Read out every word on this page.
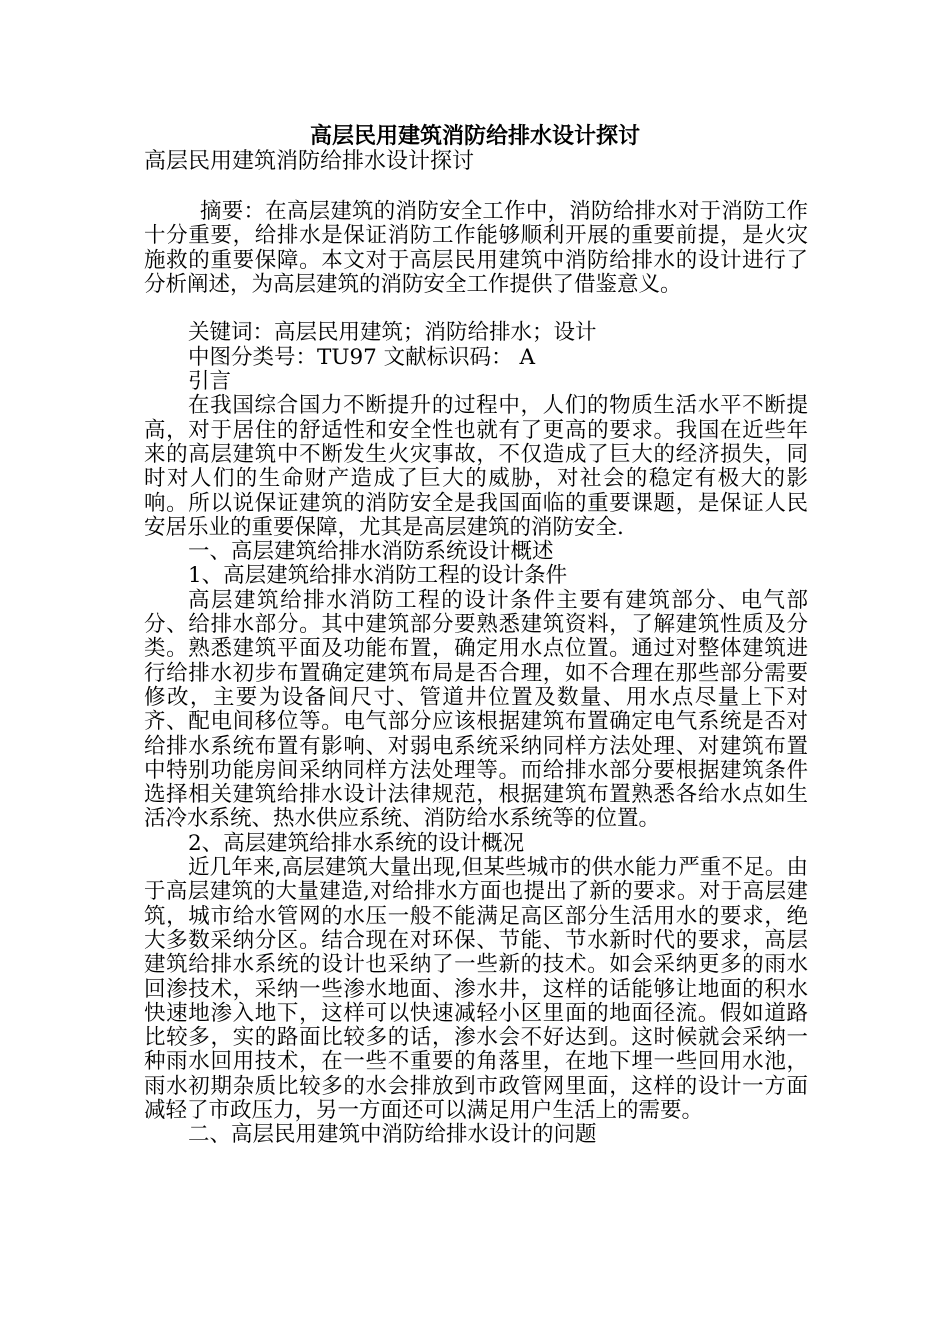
高层民用建筑消防给排水设计探讨
高层民用建筑消防给排水设计探讨

摘要：在高层建筑的消防安全工作中，消防给排水对于消防工作十分重要，给排水是保证消防工作能够顺利开展的重要前提，是火灾施救的重要保障。本文对于高层民用建筑中消防给排水的设计进行了分析阐述，为高层建筑的消防安全工作提供了借鉴意义。

关键词：高层民用建筑；消防给排水；设计

中图分类号：TU97 文献标识码： A

引言

在我国综合国力不断提升的过程中，人们的物质生活水平不断提高，对于居住的舒适性和安全性也就有了更高的要求。我国在近些年来的高层建筑中不断发生火灾事故，不仅造成了巨大的经济损失，同时对人们的生命财产造成了巨大的威胁，对社会的稳定有极大的影响。所以说保证建筑的消防安全是我国面临的重要课题，是保证人民安居乐业的重要保障，尤其是高层建筑的消防安全.

一、高层建筑给排水消防系统设计概述

1、高层建筑给排水消防工程的设计条件

高层建筑给排水消防工程的设计条件主要有建筑部分、电气部分、给排水部分。其中建筑部分要熟悉建筑资料，了解建筑性质及分类。熟悉建筑平面及功能布置，确定用水点位置。通过对整体建筑进行给排水初步布置确定建筑布局是否合理，如不合理在那些部分需要修改，主要为设备间尺寸、管道井位置及数量、用水点尽量上下对齐、配电间移位等。电气部分应该根据建筑布置确定电气系统是否对给排水系统布置有影响、对弱电系统采纳同样方法处理、对建筑布置中特别功能房间采纳同样方法处理等。而给排水部分要根据建筑条件选择相关建筑给排水设计法律规范，根据建筑布置熟悉各给水点如生活冷水系统、热水供应系统、消防给水系统等的位置。

2、高层建筑给排水系统的设计概况

近几年来,高层建筑大量出现,但某些城市的供水能力严重不足。由于高层建筑的大量建造,对给排水方面也提出了新的要求。对于高层建筑，城市给水管网的水压一般不能满足高区部分生活用水的要求，绝大多数采纳分区。结合现在对环保、节能、节水新时代的要求，高层建筑给排水系统的设计也采纳了一些新的技术。如会采纳更多的雨水回渗技术，采纳一些渗水地面、渗水井，这样的话能够让地面的积水快速地渗入地下，这样可以快速减轻小区里面的地面径流。假如道路比较多，实的路面比较多的话，渗水会不好达到。这时候就会采纳一种雨水回用技术，在一些不重要的角落里，在地下埋一些回用水池，雨水初期杂质比较多的水会排放到市政管网里面，这样的设计一方面减轻了市政压力，另一方面还可以满足用户生活上的需要。

二、高层民用建筑中消防给排水设计的问题
